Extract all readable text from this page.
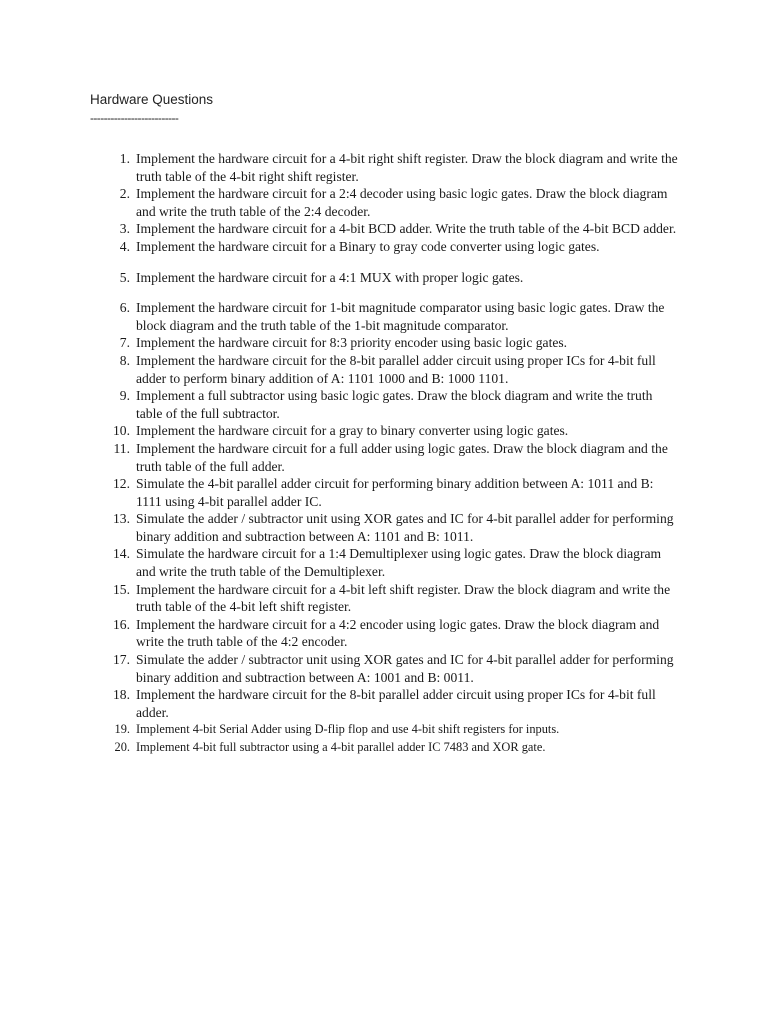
Hardware Questions
--------------------------
1. Implement the hardware circuit for a 4-bit right shift register. Draw the block diagram and write the truth table of the 4-bit right shift register.
2. Implement the hardware circuit for a 2:4 decoder using basic logic gates. Draw the block diagram and write the truth table of the 2:4 decoder.
3. Implement the hardware circuit for a 4-bit BCD adder. Write the truth table of the 4-bit BCD adder.
4. Implement the hardware circuit for a Binary to gray code converter using logic gates.
5. Implement the hardware circuit for a 4:1 MUX with proper logic gates.
6. Implement the hardware circuit for 1-bit magnitude comparator using basic logic gates. Draw the block diagram and the truth table of the 1-bit magnitude comparator.
7. Implement the hardware circuit for 8:3 priority encoder using basic logic gates.
8. Implement the hardware circuit for the 8-bit parallel adder circuit using proper ICs for 4-bit full adder to perform binary addition of A: 1101 1000 and B: 1000 1101.
9. Implement a full subtractor using basic logic gates. Draw the block diagram and write the truth table of the full subtractor.
10. Implement the hardware circuit for a gray to binary converter using logic gates.
11. Implement the hardware circuit for a full adder using logic gates. Draw the block diagram and the truth table of the full adder.
12. Simulate the 4-bit parallel adder circuit for performing binary addition between A: 1011 and B: 1111 using 4-bit parallel adder IC.
13. Simulate the adder / subtractor unit using XOR gates and IC for 4-bit parallel adder for performing binary addition and subtraction between A: 1101 and B: 1011.
14. Simulate the hardware circuit for a 1:4 Demultiplexer using logic gates. Draw the block diagram and write the truth table of the Demultiplexer.
15. Implement the hardware circuit for a 4-bit left shift register. Draw the block diagram and write the truth table of the 4-bit left shift register.
16. Implement the hardware circuit for a 4:2 encoder using logic gates. Draw the block diagram and write the truth table of the 4:2 encoder.
17. Simulate the adder / subtractor unit using XOR gates and IC for 4-bit parallel adder for performing binary addition and subtraction between A: 1001 and B: 0011.
18. Implement the hardware circuit for the 8-bit parallel adder circuit using proper ICs for 4-bit full adder.
19. Implement 4-bit Serial Adder using D-flip flop and use 4-bit shift registers for inputs.
20. Implement 4-bit full subtractor using a 4-bit parallel adder IC 7483 and XOR gate.
